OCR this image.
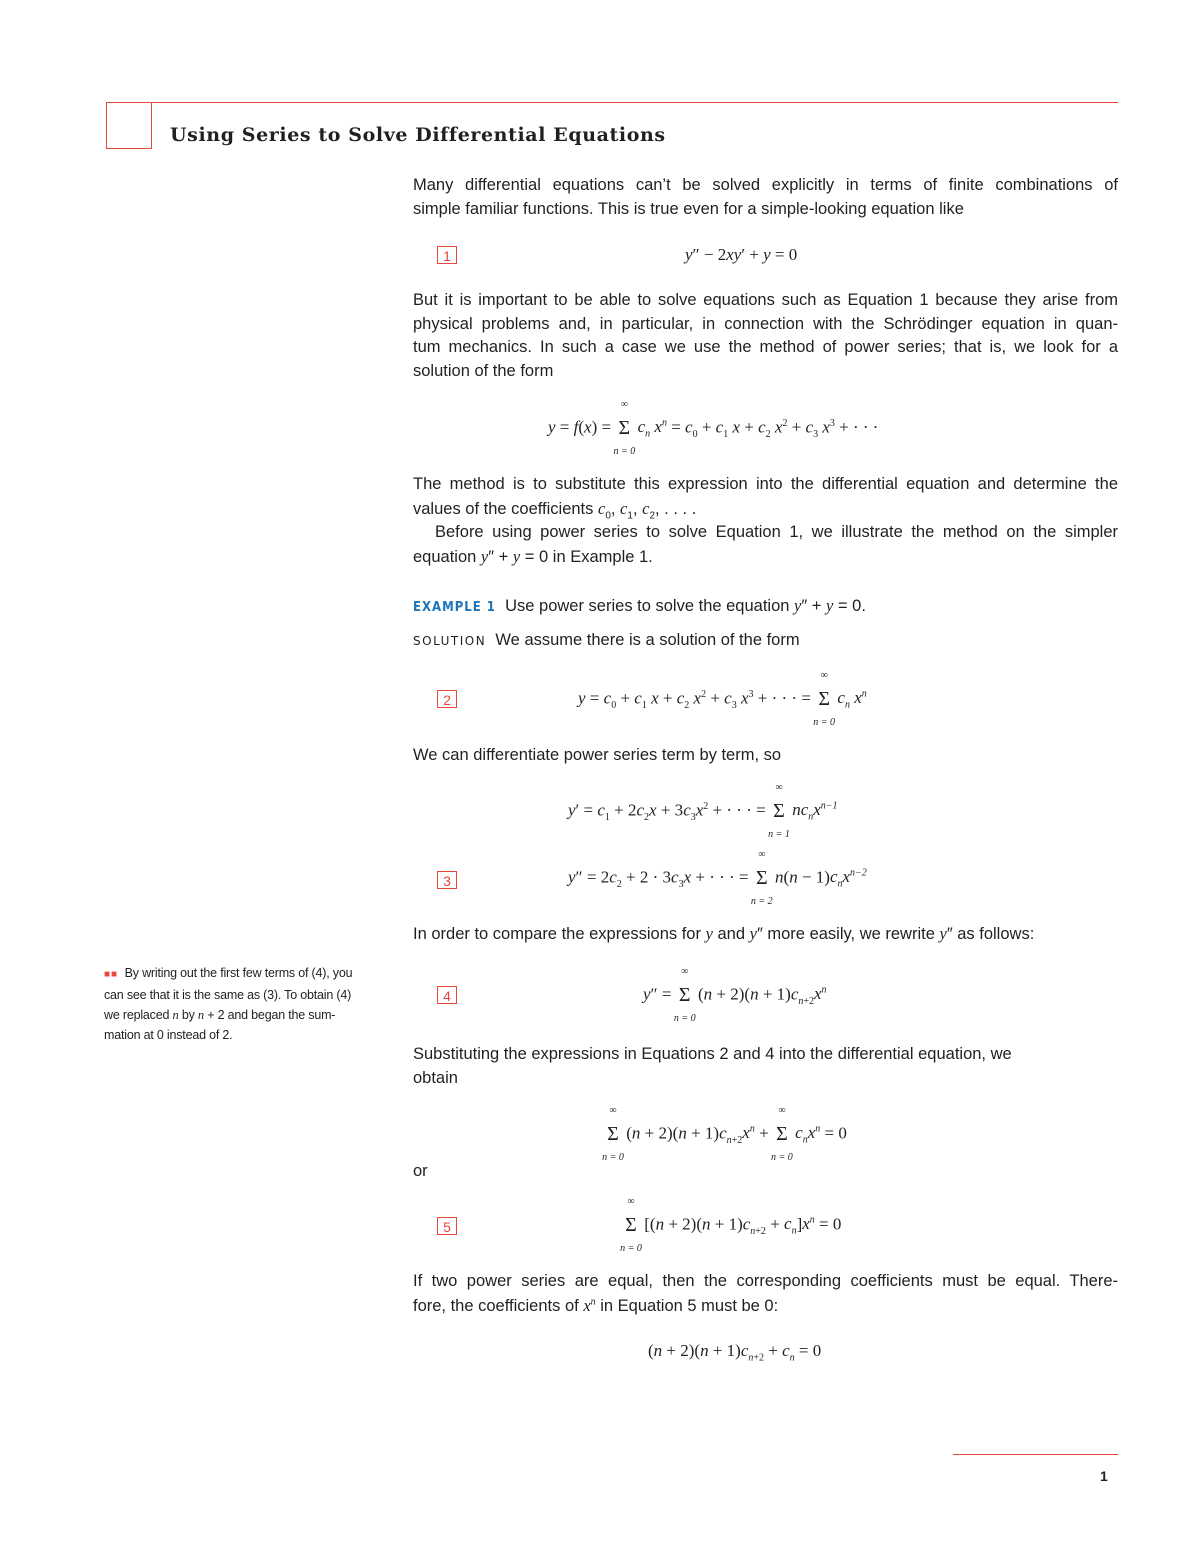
Using Series to Solve Differential Equations
Many differential equations can’t be solved explicitly in terms of finite combinations of
simple familiar functions. This is true even for a simple-looking equation like
1	y″ − 2xy′ + y = 0
But it is important to be able to solve equations such as Equation 1 because they arise from
physical problems and, in particular, in connection with the Schrödinger equation in quan-
tum mechanics. In such a case we use the method of power series; that is, we look for a
solution of the form
y = f(x) =
∞
Σ
n = 0
$c_n$ $x^n = c_0 + c_1$ $x + c_2$ $x^2 + c_3$ $x^3$ + · · ·
The method is to substitute this expression into the differential equation and determine the
values of the coefficients $c_0$, $c_1$, $c_2$, . . . .
Before using power series to solve Equation 1, we illustrate the method on the simpler
equation y″ + y = 0 in Example 1.
EXAMPLE 1 Use power series to solve the equation y″ + y = 0.
SOLUTION We assume there is a solution of the form
2	$y = c_0 + c_1$ $x + c_2$ $x^2 + c_3$ $x^3$ + · · · =
∞
Σ
n = 0
$c_n$ $x^n$
We can differentiate power series term by term, so
$y' = c_1 + 2c_2x + 3c_3x^2$ + · · · =
∞
Σ
n = 1
$nc_nx^{n-1}$
3	$y'' = 2c_2 + 2 \cdot 3c_3x$ + · · · =
∞
Σ
n = 2
$n(n - 1)c_nx^{n-2}$
In order to compare the expressions for y and y″ more easily, we rewrite y″ as follows:
■■ By writing out the first few terms of (4), you
can see that it is the same as (3). To obtain (4)
we replaced n by n + 2 and began the sum-
mation at 0 instead of 2.
4	y″ =
∞
Σ
n = 0
$(n + 2)(n + 1)c_{n+2}x^n$
Substituting the expressions in Equations 2 and 4 into the differential equation, we
obtain
∞
Σ
n = 0
$(n + 2)(n + 1)c_{n+2}x^n$ +
∞
Σ
n = 0
$c_nx^n = 0$
or
5
∞
Σ
n = 0
$[(n + 2)(n + 1)c_{n+2} + c_n]x^n = 0$
If two power series are equal, then the corresponding coefficients must be equal. There-
fore, the coefficients of $x^n$ in Equation 5 must be 0:
$(n + 2)(n + 1)c_{n+2} + c_n = 0$
1
